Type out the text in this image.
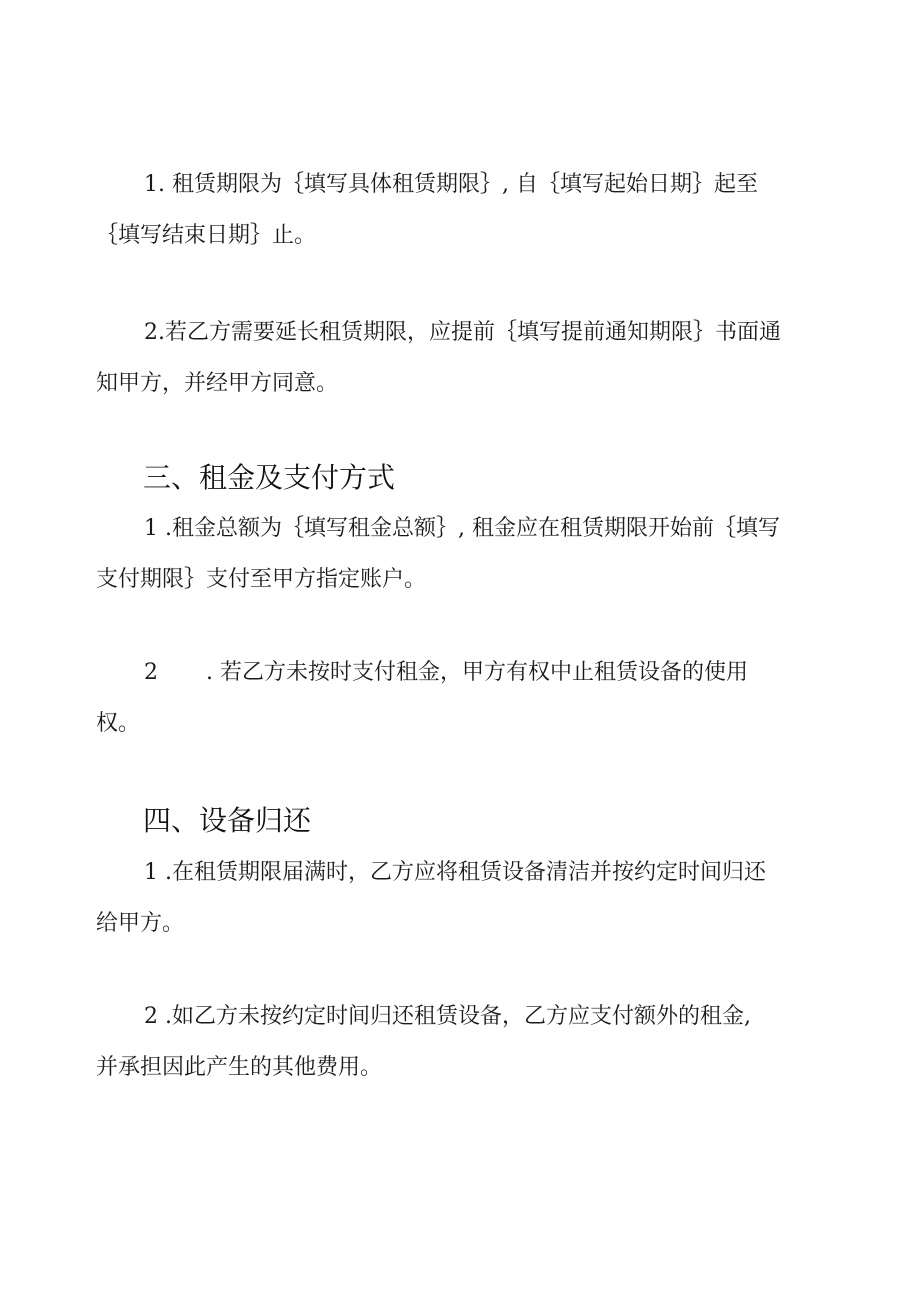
1. 租赁期限为｛填写具体租赁期限｝, 自｛填写起始日期｝起至
｛填写结束日期｝止。

2.若乙方需要延长租赁期限，应提前｛填写提前通知期限｝书面通
知甲方，并经甲方同意。

三、租金及支付方式

1 .租金总额为｛填写租金总额｝, 租金应在租赁期限开始前｛填写
支付期限｝支付至甲方指定账户。

2 . 若乙方未按时支付租金，甲方有权中止租赁设备的使用
权。

四、设备归还

1 .在租赁期限届满时，乙方应将租赁设备清洁并按约定时间归还
给甲方。

2 .如乙方未按约定时间归还租赁设备，乙方应支付额外的租金,
并承担因此产生的其他费用。
